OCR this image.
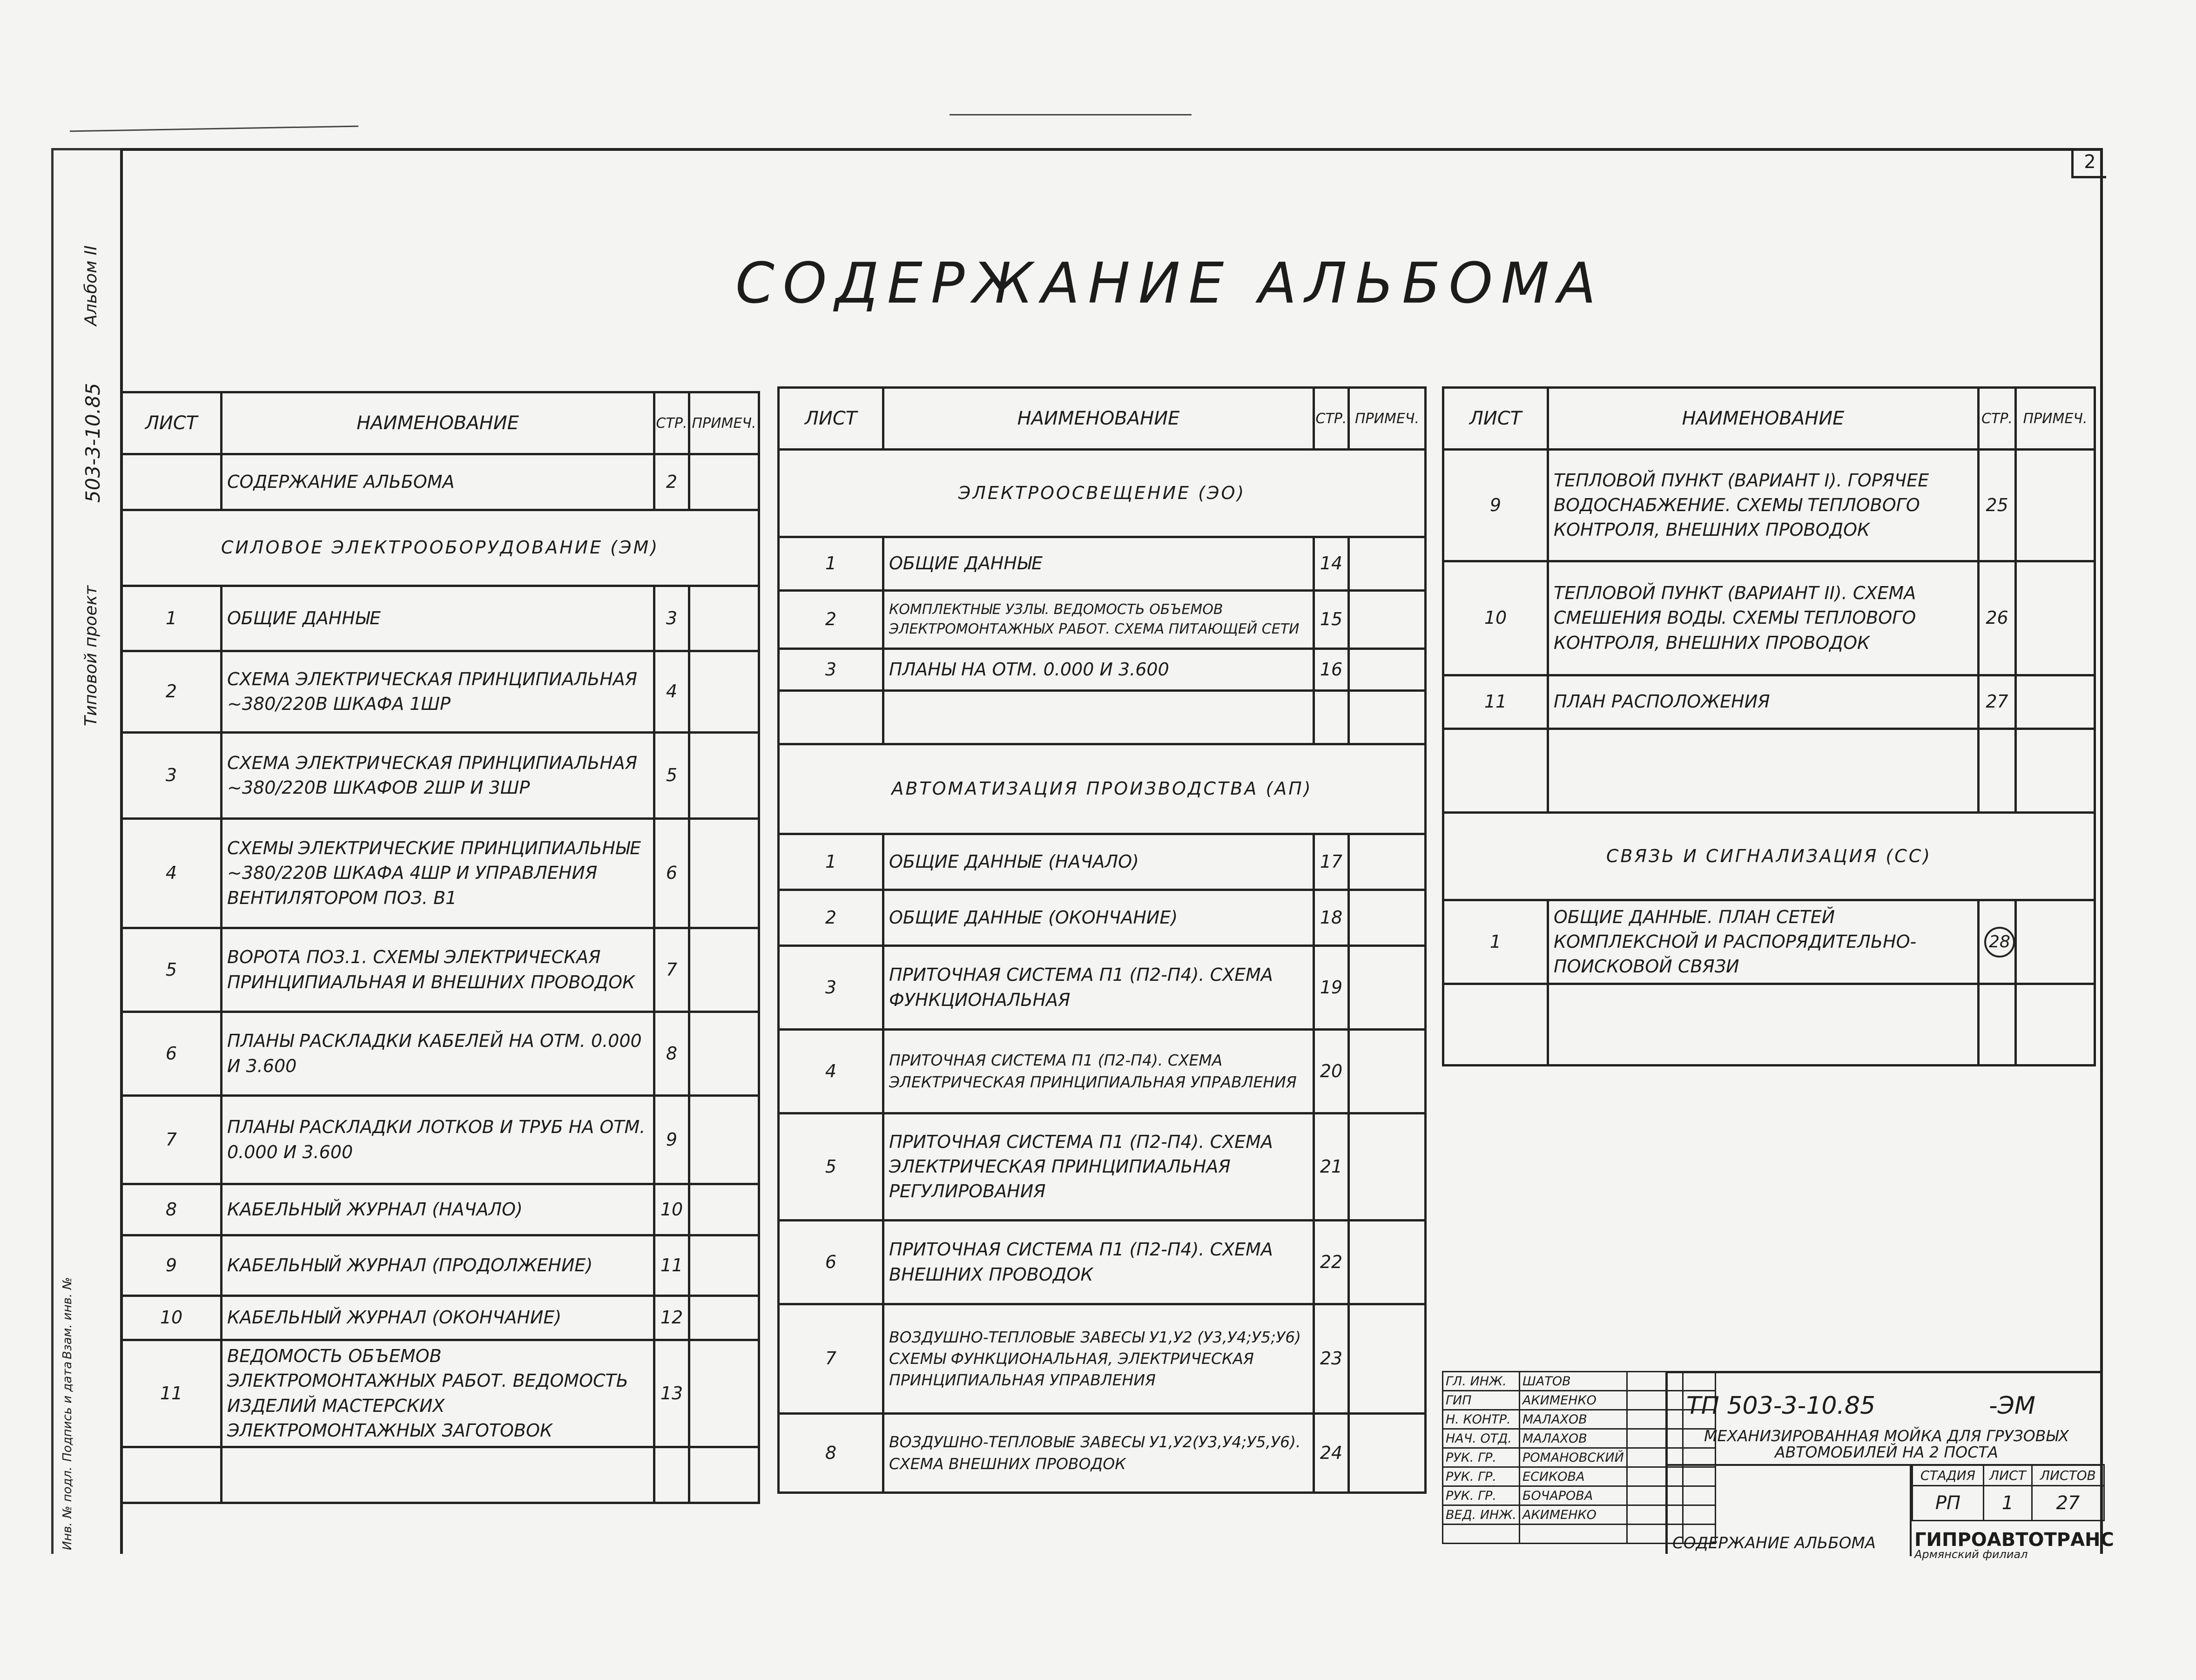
2
Альбом II
503-3-10.85
Типовой проект
Инв. № подл.
Подпись и дата
Взам. инв. №
СОДЕРЖАНИЕ АЛЬБОМА
ЛИСТ	НАИМЕНОВАНИЕ	СТР.	ПРИМЕЧ.
	СОДЕРЖАНИЕ АЛЬБОМА	2	
СИЛОВОЕ ЭЛЕКТРООБОРУДОВАНИЕ (ЭМ)			
1	ОБЩИЕ ДАННЫЕ	3	
2	СХЕМА ЭЛЕКТРИЧЕСКАЯ ПРИНЦИПИАЛЬНАЯ ~380/220В ШКАФА 1ШР	4	
3	СХЕМА ЭЛЕКТРИЧЕСКАЯ ПРИНЦИПИАЛЬНАЯ ~380/220В ШКАФОВ 2ШР И 3ШР	5	
4	СХЕМЫ ЭЛЕКТРИЧЕСКИЕ ПРИНЦИПИАЛЬНЫЕ ~380/220В ШКАФА 4ШР И УПРАВЛЕНИЯ ВЕНТИЛЯТОРОМ ПОЗ. В1	6	
5	ВОРОТА ПОЗ.1. СХЕМЫ ЭЛЕКТРИЧЕСКАЯ ПРИНЦИПИАЛЬНАЯ И ВНЕШНИХ ПРОВОДОК	7	
6	ПЛАНЫ РАСКЛАДКИ КАБЕЛЕЙ НА ОТМ. 0.000 И 3.600	8	
7	ПЛАНЫ РАСКЛАДКИ ЛОТКОВ И ТРУБ НА ОТМ. 0.000 И 3.600	9	
8	КАБЕЛЬНЫЙ ЖУРНАЛ (НАЧАЛО)	10	
9	КАБЕЛЬНЫЙ ЖУРНАЛ (ПРОДОЛЖЕНИЕ)	11	
10	КАБЕЛЬНЫЙ ЖУРНАЛ (ОКОНЧАНИЕ)	12	
11	ВЕДОМОСТЬ ОБЪЕМОВ ЭЛЕКТРОМОНТАЖНЫХ РАБОТ. ВЕДОМОСТЬ ИЗДЕЛИЙ МАСТЕРСКИХ ЭЛЕКТРОМОНТАЖНЫХ ЗАГОТОВОК	13	

ЛИСТ	НАИМЕНОВАНИЕ	СТР.	ПРИМЕЧ.
ЭЛЕКТРООСВЕЩЕНИЕ (ЭО)			
1	ОБЩИЕ ДАННЫЕ	14	
2	КОМПЛЕКТНЫЕ УЗЛЫ. ВЕДОМОСТЬ ОБЪЕМОВ ЭЛЕКТРОМОНТАЖНЫХ РАБОТ. СХЕМА ПИТАЮЩЕЙ СЕТИ	15	
3	ПЛАНЫ НА ОТМ. 0.000 И 3.600	16	

АВТОМАТИЗАЦИЯ ПРОИЗВОДСТВА (АП)			
1	ОБЩИЕ ДАННЫЕ (НАЧАЛО)	17	
2	ОБЩИЕ ДАННЫЕ (ОКОНЧАНИЕ)	18	
3	ПРИТОЧНАЯ СИСТЕМА П1 (П2-П4). СХЕМА ФУНКЦИОНАЛЬНАЯ	19	
4	ПРИТОЧНАЯ СИСТЕМА П1 (П2-П4). СХЕМА ЭЛЕКТРИЧЕСКАЯ ПРИНЦИПИАЛЬНАЯ УПРАВЛЕНИЯ	20	
5	ПРИТОЧНАЯ СИСТЕМА П1 (П2-П4). СХЕМА ЭЛЕКТРИЧЕСКАЯ ПРИНЦИПИАЛЬНАЯ РЕГУЛИРОВАНИЯ	21	
6	ПРИТОЧНАЯ СИСТЕМА П1 (П2-П4). СХЕМА ВНЕШНИХ ПРОВОДОК	22	
7	ВОЗДУШНО-ТЕПЛОВЫЕ ЗАВЕСЫ У1,У2 (У3,У4;У5;У6) СХЕМЫ ФУНКЦИОНАЛЬНАЯ, ЭЛЕКТРИЧЕСКАЯ ПРИНЦИПИАЛЬНАЯ УПРАВЛЕНИЯ	23	
8	ВОЗДУШНО-ТЕПЛОВЫЕ ЗАВЕСЫ У1,У2(У3,У4;У5,У6). СХЕМА ВНЕШНИХ ПРОВОДОК	24	
ЛИСТ	НАИМЕНОВАНИЕ	СТР.	ПРИМЕЧ.
9	ТЕПЛОВОЙ ПУНКТ (ВАРИАНТ I). ГОРЯЧЕЕ ВОДОСНАБЖЕНИЕ. СХЕМЫ ТЕПЛОВОГО КОНТРОЛЯ, ВНЕШНИХ ПРОВОДОК	25	
10	ТЕПЛОВОЙ ПУНКТ (ВАРИАНТ II). СХЕМА СМЕШЕНИЯ ВОДЫ. СХЕМЫ ТЕПЛОВОГО КОНТРОЛЯ, ВНЕШНИХ ПРОВОДОК	26	
11	ПЛАН РАСПОЛОЖЕНИЯ	27	

СВЯЗЬ И СИГНАЛИЗАЦИЯ (СС)			
1	ОБЩИЕ ДАННЫЕ. ПЛАН СЕТЕЙ КОМПЛЕКСНОЙ И РАСПОРЯДИТЕЛЬНО-ПОИСКОВОЙ СВЯЗИ	28	

ГЛ. ИНЖ.	ШАТОВ		
ГИП	АКИМЕНКО		
Н. КОНТР.	МАЛАХОВ		
НАЧ. ОТД.	МАЛАХОВ		
РУК. ГР.	РОМАНОВСКИЙ		
РУК. ГР.	ЕСИКОВА		
РУК. ГР.	БОЧАРОВА		
ВЕД. ИНЖ.	АКИМЕНКО		

ТП 503-3-10.85	-ЭМ
МЕХАНИЗИРОВАННАЯ МОЙКА ДЛЯ ГРУЗОВЫХ АВТОМОБИЛЕЙ НА 2 ПОСТА
СТАДИЯ	ЛИСТ	ЛИСТОВ
РП	1	27
СОДЕРЖАНИЕ АЛЬБОМА ГИПРОАВТОТРАНС
Армянский филиал
